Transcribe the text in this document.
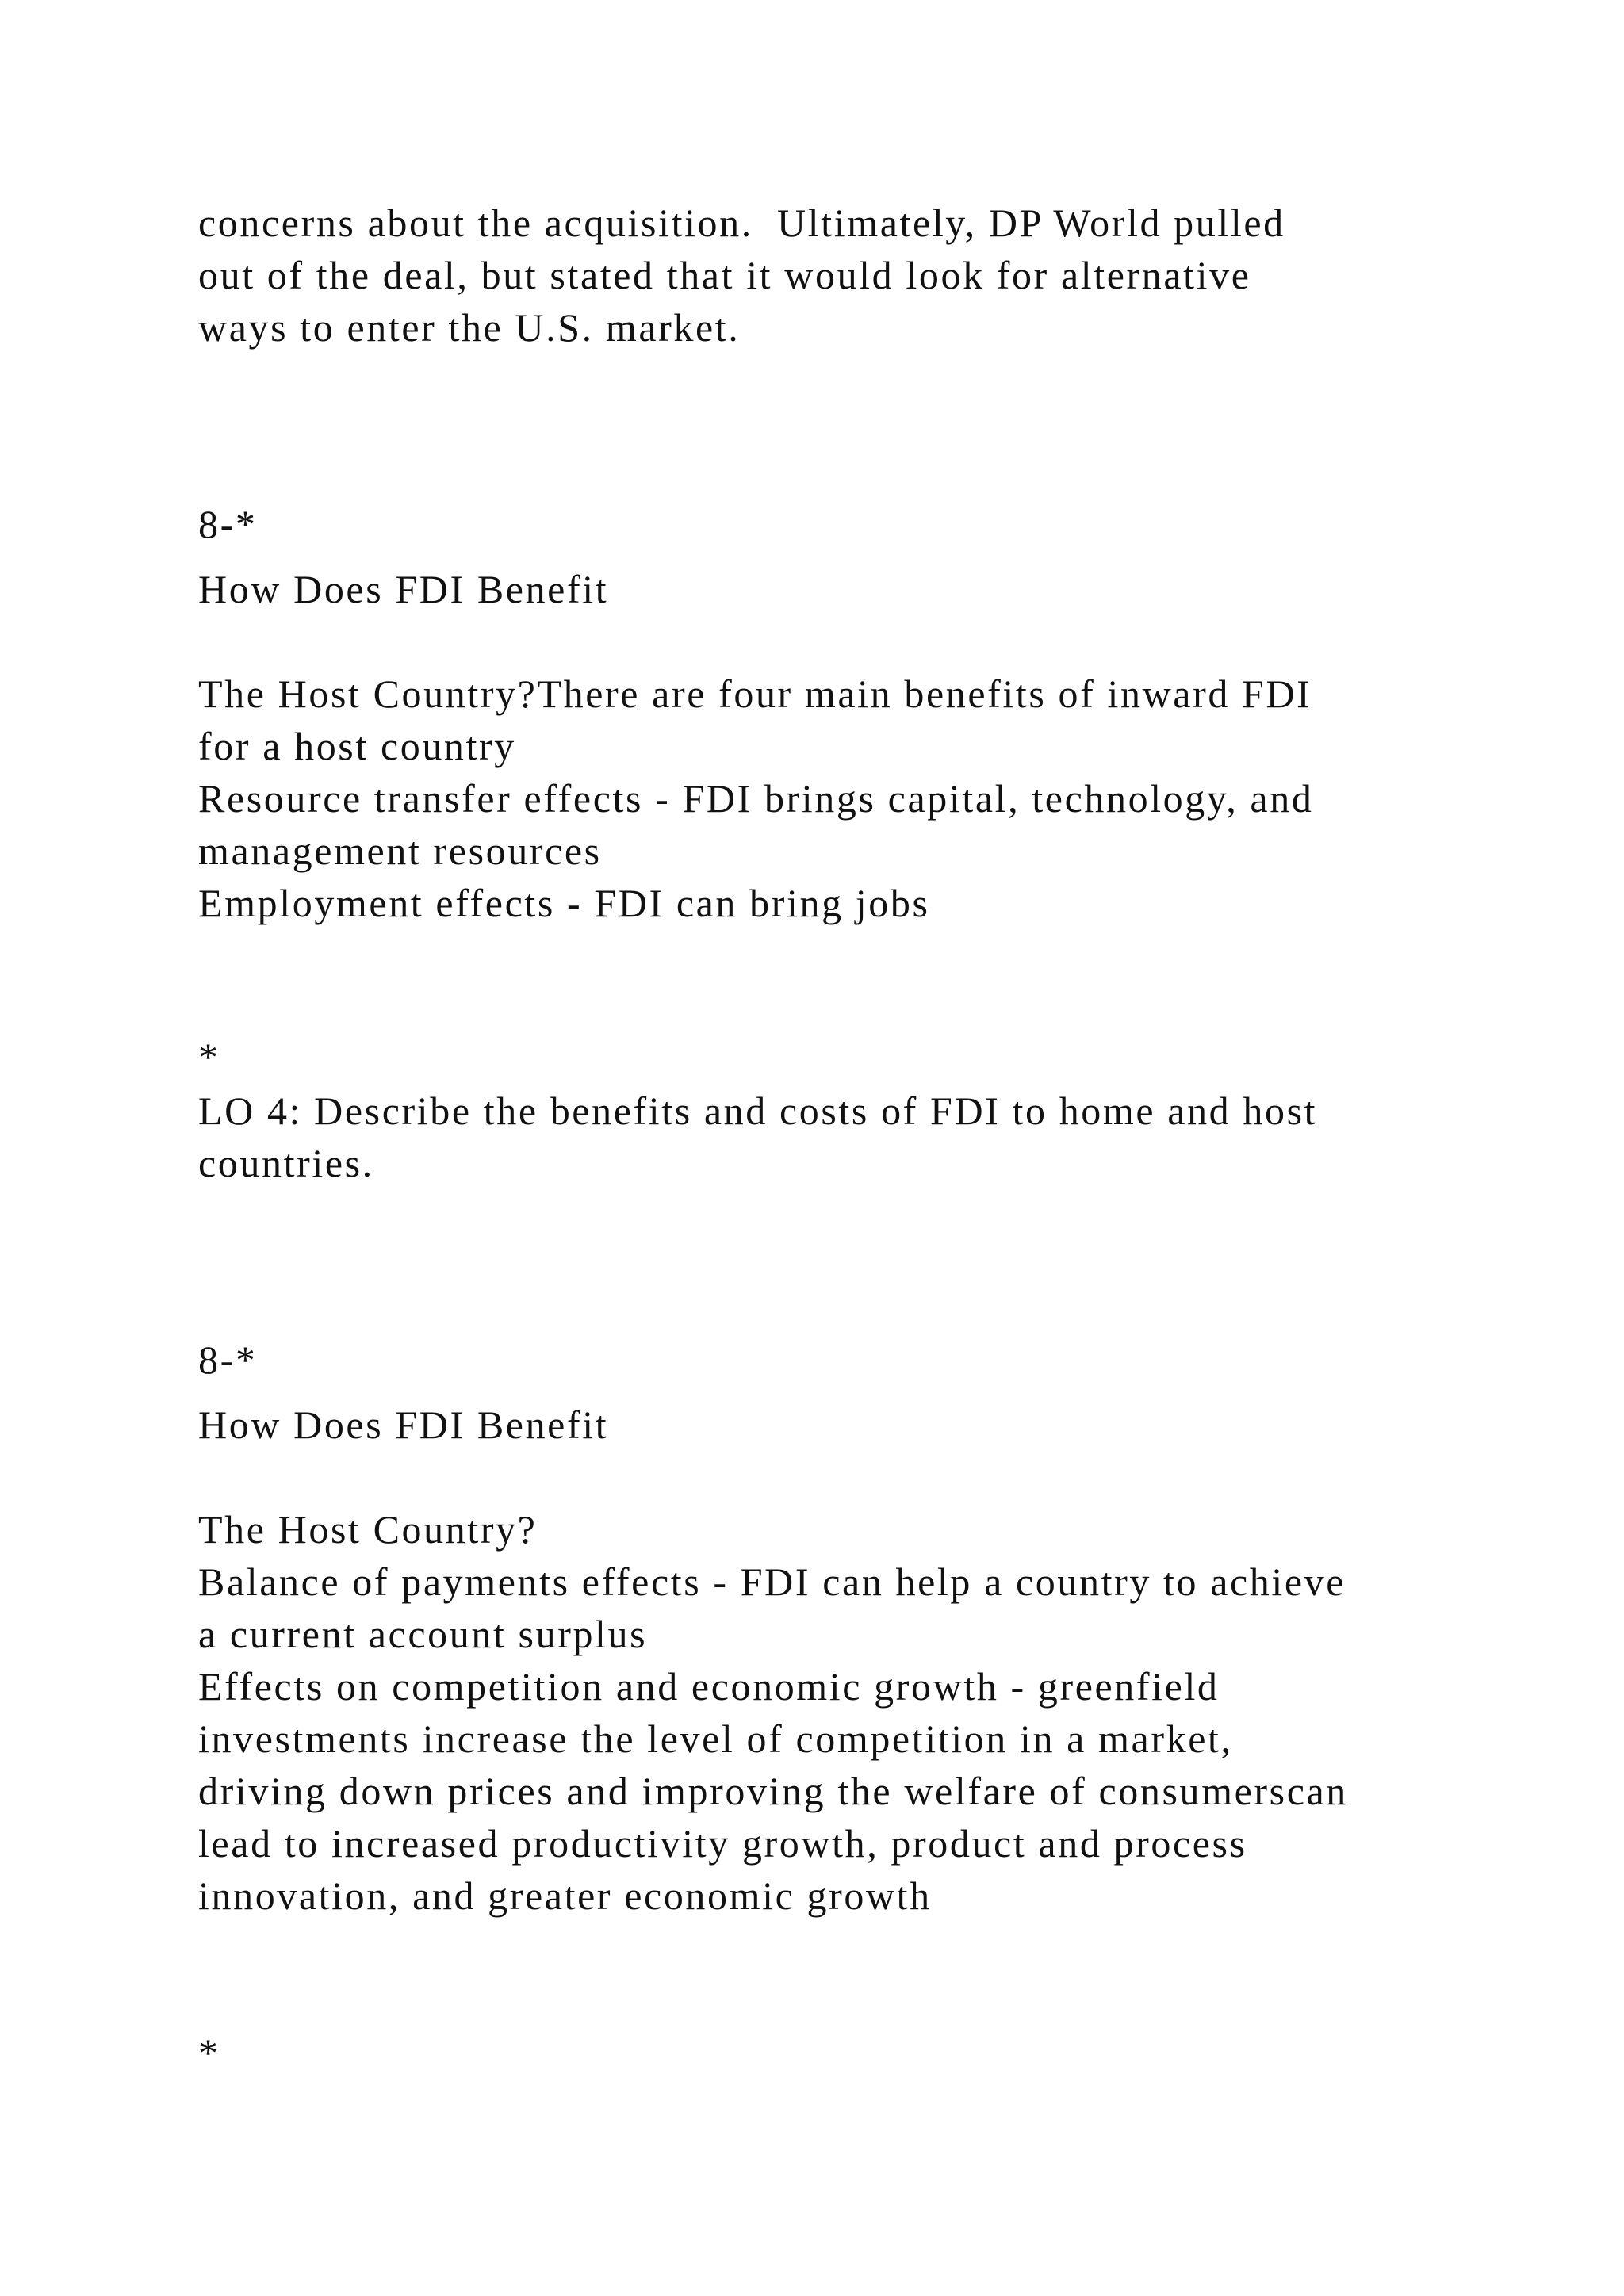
concerns about the acquisition.  Ultimately, DP World pulled
out of the deal, but stated that it would look for alternative
ways to enter the U.S. market.
8-*
How Does FDI Benefit
The Host Country?There are four main benefits of inward FDI
for a host country
Resource transfer effects - FDI brings capital, technology, and
management resources
Employment effects - FDI can bring jobs
*
LO 4: Describe the benefits and costs of FDI to home and host
countries.
8-*
How Does FDI Benefit
The Host Country?
Balance of payments effects - FDI can help a country to achieve
a current account surplus
Effects on competition and economic growth - greenfield
investments increase the level of competition in a market,
driving down prices and improving the welfare of consumerscan
lead to increased productivity growth, product and process
innovation, and greater economic growth
*
